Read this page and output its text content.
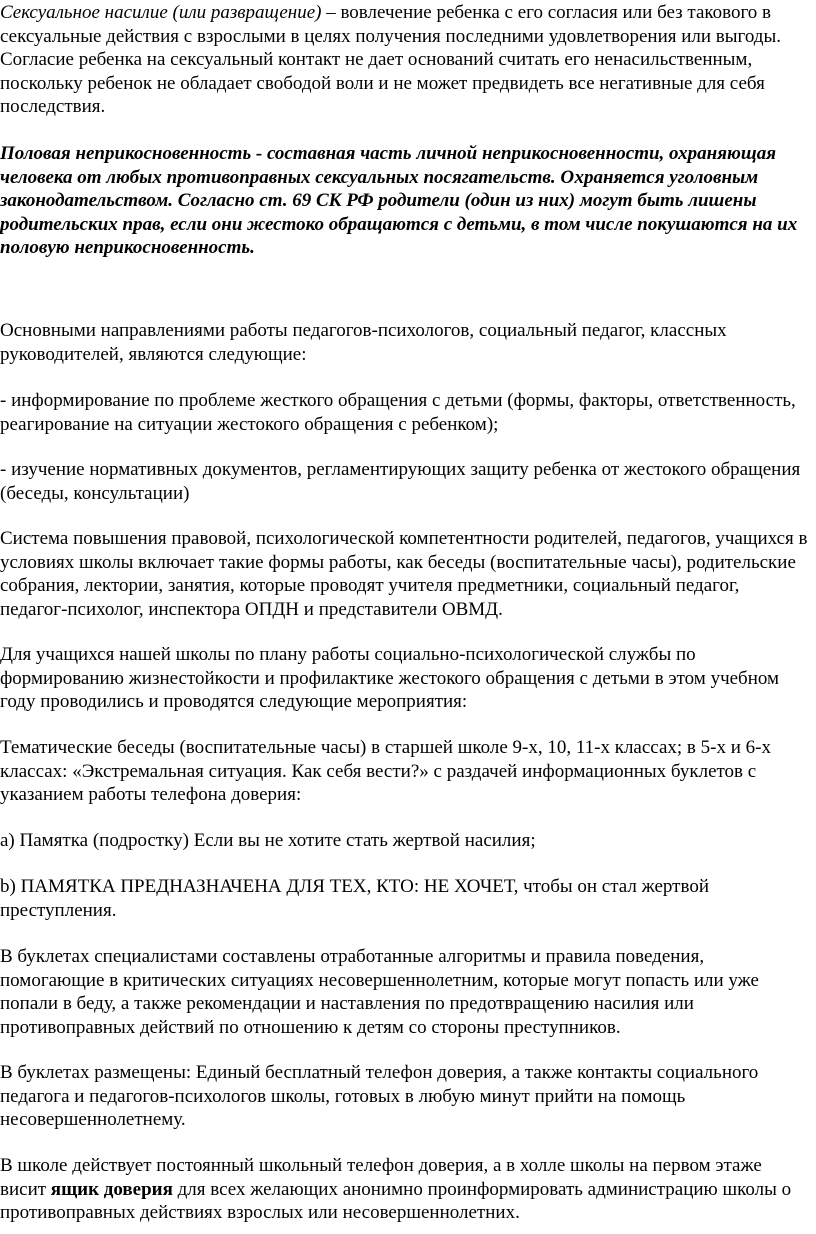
Сексуальное насилие (или развращение) – вовлечение ребенка с его согласия или без такового в сексуальные действия с взрослыми в целях получения последними удовлетворения или выгоды. Согласие ребенка на сексуальный контакт не дает оснований считать его ненасильственным, поскольку ребенок не обладает свободой воли и не может предвидеть все негативные для себя последствия.

Половая неприкосновенность - составная часть личной неприкосновенности, охраняющая человека от любых противоправных сексуальных посягательств. Охраняется уголовным законодательством. Согласно ст. 69 СК РФ родители (один из них) могут быть лишены родительских прав, если они жестоко обращаются с детьми, в том числе покушаются на их половую неприкосновенность.

Основными направлениями работы педагогов-психологов, социальный педагог, классных руководителей, являются следующие:

- информирование по проблеме жесткого обращения с детьми (формы, факторы, ответственность, реагирование на ситуации жестокого обращения с ребенком);

- изучение нормативных документов, регламентирующих защиту ребенка от жестокого обращения (беседы, консультации)

Система повышения правовой, психологической компетентности родителей, педагогов, учащихся в условиях школы включает такие формы работы, как беседы (воспитательные часы), родительские собрания, лектории, занятия, которые проводят учителя предметники, социальный педагог, педагог-психолог, инспектора ОПДН и представители ОВМД.

Для учащихся нашей школы по плану работы социально-психологической службы по формированию жизнестойкости и профилактике жестокого обращения с детьми в этом учебном году проводились и проводятся следующие мероприятия:

Тематические беседы (воспитательные часы) в старшей школе 9-х, 10, 11-х классах; в 5-х и 6-х классах: «Экстремальная ситуация. Как себя вести?» с раздачей информационных буклетов с указанием работы телефона доверия:

а) Памятка (подростку) Если вы не хотите стать жертвой насилия;

b) ПАМЯТКА ПРЕДНАЗНАЧЕНА ДЛЯ ТЕХ, КТО: НЕ ХОЧЕТ, чтобы он стал жертвой преступления.

В буклетах специалистами составлены отработанные алгоритмы и правила поведения, помогающие в критических ситуациях несовершеннолетним, которые могут попасть или уже попали в беду, а также рекомендации и наставления по предотвращению насилия или противоправных действий по отношению к детям со стороны преступников.

В буклетах размещены: Единый бесплатный телефон доверия, а также контакты социального педагога и педагогов-психологов школы, готовых в любую минут прийти на помощь несовершеннолетнему.

В школе действует постоянный школьный телефон доверия, а в холле школы на первом этаже висит ящик доверия для всех желающих анонимно проинформировать администрацию школы о противоправных действиях взрослых или несовершеннолетних.
